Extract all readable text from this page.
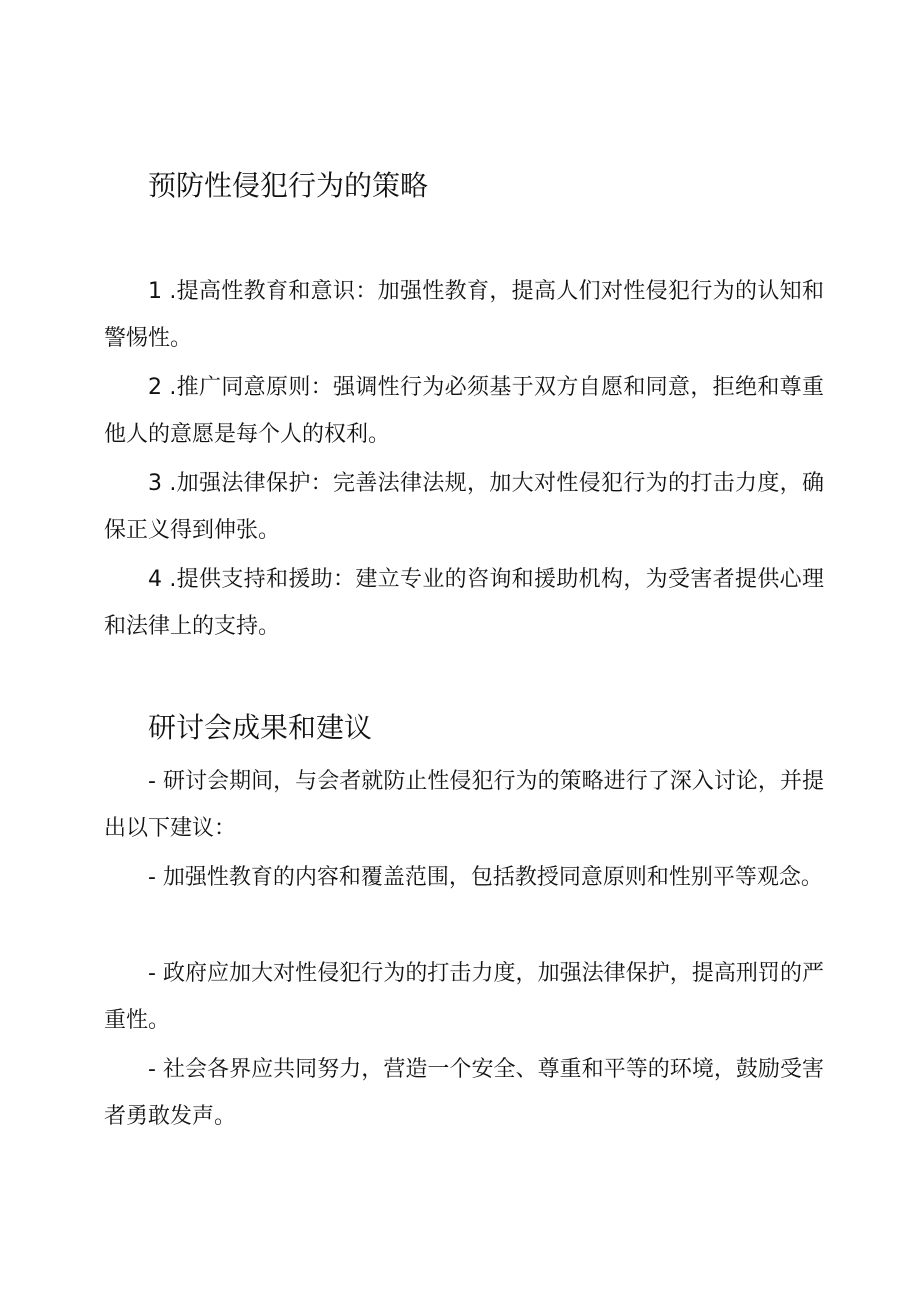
预防性侵犯行为的策略

1 .提高性教育和意识：加强性教育，提高人们对性侵犯行为的认知和警惕性。

2 .推广同意原则：强调性行为必须基于双方自愿和同意，拒绝和尊重他人的意愿是每个人的权利。

3 .加强法律保护：完善法律法规，加大对性侵犯行为的打击力度，确保正义得到伸张。

4 .提供支持和援助：建立专业的咨询和援助机构，为受害者提供心理和法律上的支持。

研讨会成果和建议

- 研讨会期间，与会者就防止性侵犯行为的策略进行了深入讨论，并提出以下建议：

- 加强性教育的内容和覆盖范围，包括教授同意原则和性别平等观念。

- 政府应加大对性侵犯行为的打击力度，加强法律保护，提高刑罚的严重性。

- 社会各界应共同努力，营造一个安全、尊重和平等的环境，鼓励受害者勇敢发声。
